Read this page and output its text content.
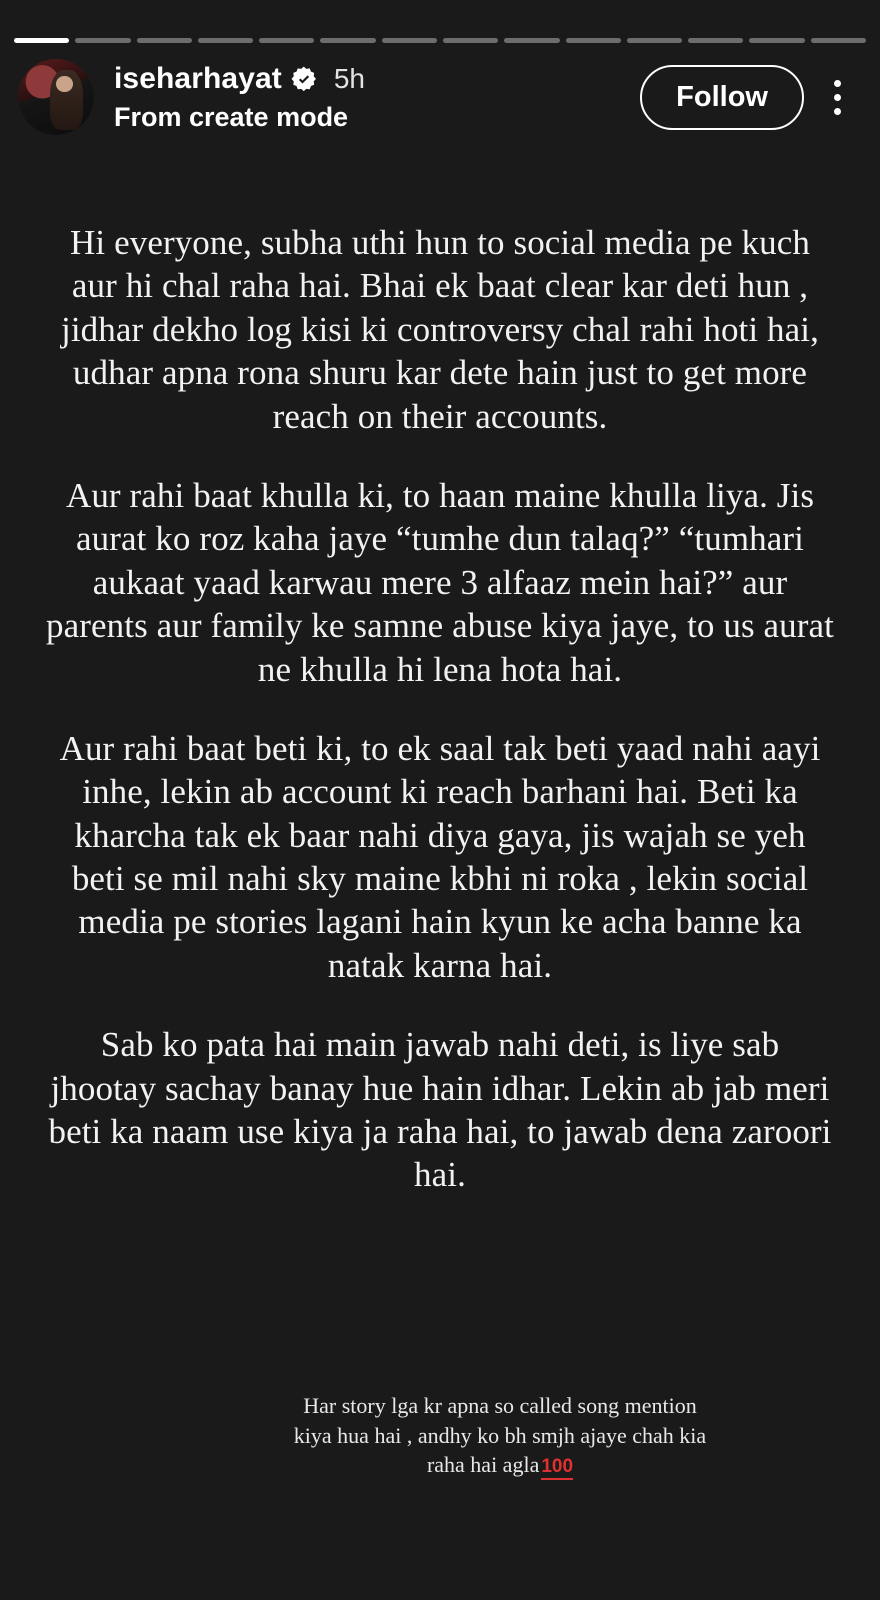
iseharhayat 5h
From create mode
Follow

Hi everyone, subha uthi hun to social media pe kuch aur hi chal raha hai. Bhai ek baat clear kar deti hun , jidhar dekho log kisi ki controversy chal rahi hoti hai, udhar apna rona shuru kar dete hain just to get more reach on their accounts.

Aur rahi baat khulla ki, to haan maine khulla liya. Jis aurat ko roz kaha jaye “tumhe dun talaq?” “tumhari aukaat yaad karwau mere 3 alfaaz mein hai?” aur parents aur family ke samne abuse kiya jaye, to us aurat ne khulla hi lena hota hai.

Aur rahi baat beti ki, to ek saal tak beti yaad nahi aayi inhe, lekin ab account ki reach barhani hai. Beti ka kharcha tak ek baar nahi diya gaya, jis wajah se yeh beti se mil nahi sky maine kbhi ni roka , lekin social media pe stories lagani hain kyun ke acha banne ka natak karna hai.

Sab ko pata hai main jawab nahi deti, is liye sab jhootay sachay banay hue hain idhar. Lekin ab jab meri beti ka naam use kiya ja raha hai, to jawab dena zaroori hai.

Har story lga kr apna so called song mention kiya hua hai , andhy ko bh smjh ajaye chah kia raha hai agla 100
